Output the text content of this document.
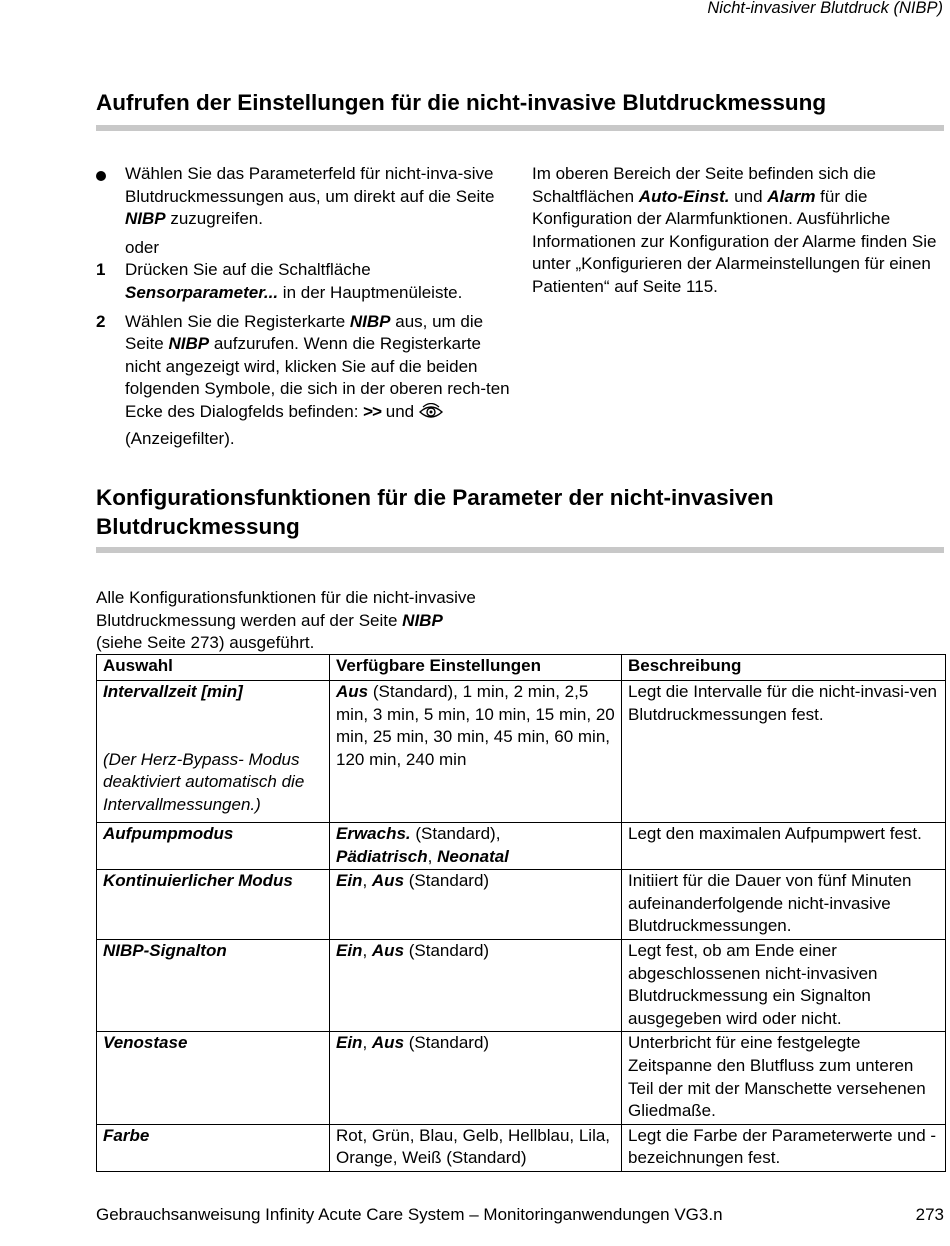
Nicht-invasiver Blutdruck (NIBP)
Aufrufen der Einstellungen für die nicht-invasive Blutdruckmessung
Wählen Sie das Parameterfeld für nicht-inva-sive Blutdruckmessungen aus, um direkt auf die Seite NIBP zuzugreifen.

oder

1 Drücken Sie auf die Schaltfläche Sensorparameter... in der Hauptmenüleiste.
2 Wählen Sie die Registerkarte NIBP aus, um die Seite NIBP aufzurufen. Wenn die Registerkarte nicht angezeigt wird, klicken Sie auf die beiden folgenden Symbole, die sich in der oberen rech-ten Ecke des Dialogfelds befinden: >> und
(Anzeigefilter).

Im oberen Bereich der Seite befinden sich die Schaltflächen Auto-Einst. und Alarm für die Konfiguration der Alarmfunktionen. Ausführliche Informationen zur Konfiguration der Alarme finden Sie unter „Konfigurieren der Alarmeinstellungen für einen Patienten“ auf Seite 115.

Konfigurationsfunktionen für die Parameter der nicht-invasiven
Blutdruckmessung
Alle Konfigurationsfunktionen für die nicht-invasive Blutdruckmessung werden auf der Seite NIBP
(siehe Seite 273) ausgeführt.
Auswahl	Verfügbare Einstellungen	Beschreibung
Intervallzeit [min]

(Der Herz-Bypass- Modus deaktiviert automatisch die Intervallmessungen.)	Aus (Standard), 1 min, 2 min, 2,5 min, 3 min, 5 min, 10 min, 15 min, 20 min, 25 min, 30 min, 45 min, 60 min, 120 min, 240 min	Legt die Intervalle für die nicht-invasi-ven Blutdruckmessungen fest.
Aufpumpmodus	Erwachs. (Standard),
Pädiatrisch, Neonatal	Legt den maximalen Aufpumpwert fest.
Kontinuierlicher Modus	Ein, Aus (Standard)	Initiiert für die Dauer von fünf Minuten aufeinanderfolgende nicht-invasive Blutdruckmessungen.
NIBP-Signalton	Ein, Aus (Standard)	Legt fest, ob am Ende einer abgeschlossenen nicht-invasiven Blutdruckmessung ein Signalton ausgegeben wird oder nicht.
Venostase	Ein, Aus (Standard)	Unterbricht für eine festgelegte Zeitspanne den Blutfluss zum unteren Teil der mit der Manschette versehenen Gliedmaße.
Farbe	Rot, Grün, Blau, Gelb, Hellblau, Lila, Orange, Weiß (Standard)	Legt die Farbe der Parameterwerte und -bezeichnungen fest.
Gebrauchsanweisung Infinity Acute Care System – Monitoringanwendungen VG3.n	273
